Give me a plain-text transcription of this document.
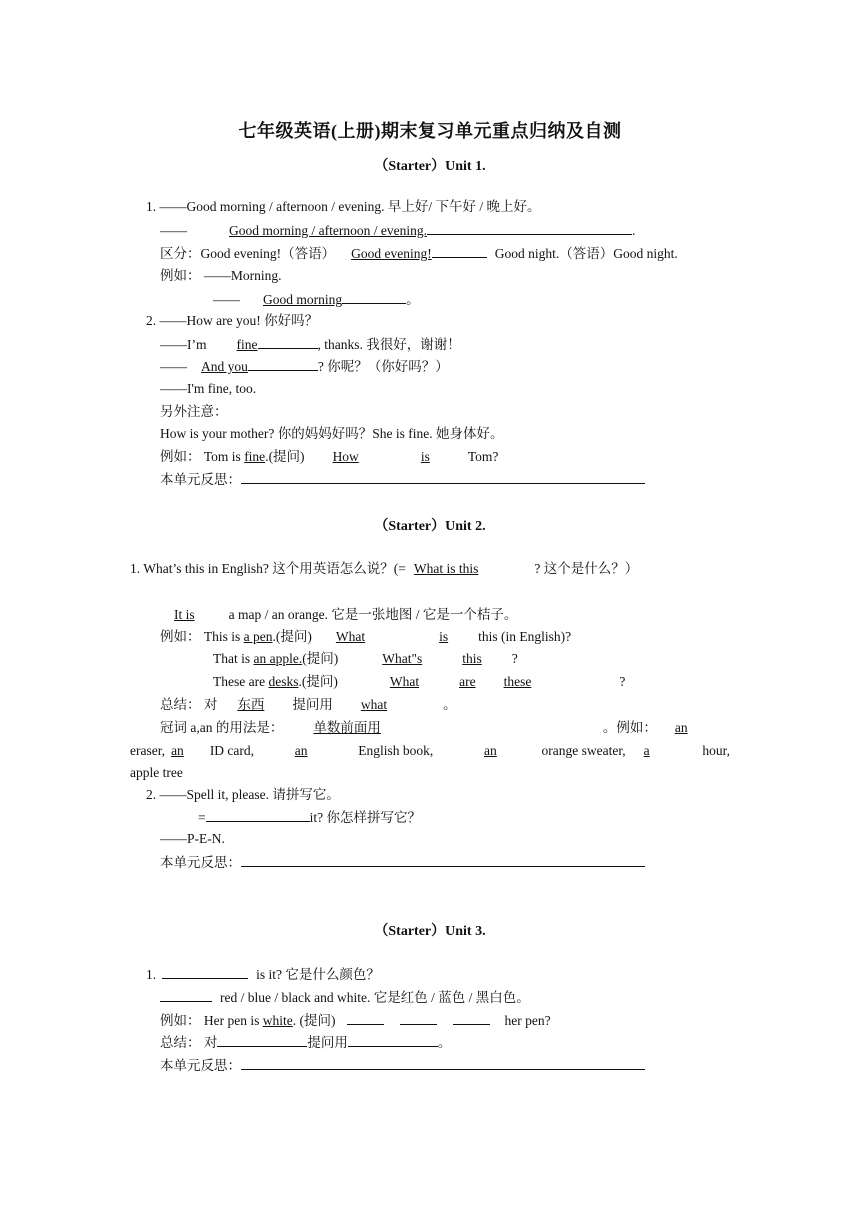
七年级英语(上册)期末复习单元重点归纳及自测
（Starter）Unit 1.
1. ——Good morning / afternoon / evening. 早上好/ 下午好 / 晚上好。
——	Good morning / afternoon / evening.	.
区分：Good evening!（答语） Good evening!	Good night.（答语）Good night.
例如： ——Morning.
—— Good morning	。
2. ——How are you! 你好吗？
——I’m fine	, thanks. 我很好，谢谢！
—— And you	? 你呢？（你好吗？）
——I'm fine, too.
另外注意：
How is your mother? 你的妈妈好吗？She is fine. 她身体好。
例如： Tom is fine.(提问) How	is	Tom?
本单元反思：
（Starter）Unit 2.
1. What’s this in English? 这个用英语怎么说？(= What is this	? 这个是什么？）
It is	a map / an orange. 它是一张地图 / 它是一个桔子。
例如： This is a pen.(提问) What	is this (in English)?
That is an apple.(提问)	What"s	this ?
These are desks.(提问)	What	are these	?
总结： 对 东西 提问用 what	。
冠词 a,an 的用法是： 单数前面用	。例如： an
eraser, an ID card,	an	English book,	an	orange sweater, a	hour,
apple tree
2. ——Spell it, please. 请拼写它。
=	it? 你怎样拼写它？
——P-E-N.
本单元反思：
（Starter）Unit 3.
1.	is it? 它是什么颜色？
red / blue / black and white. 它是红色 / 蓝色 / 黑白色。
例如： Her pen is white. (提问)	her pen?
总结： 对	提问用	。
本单元反思：
